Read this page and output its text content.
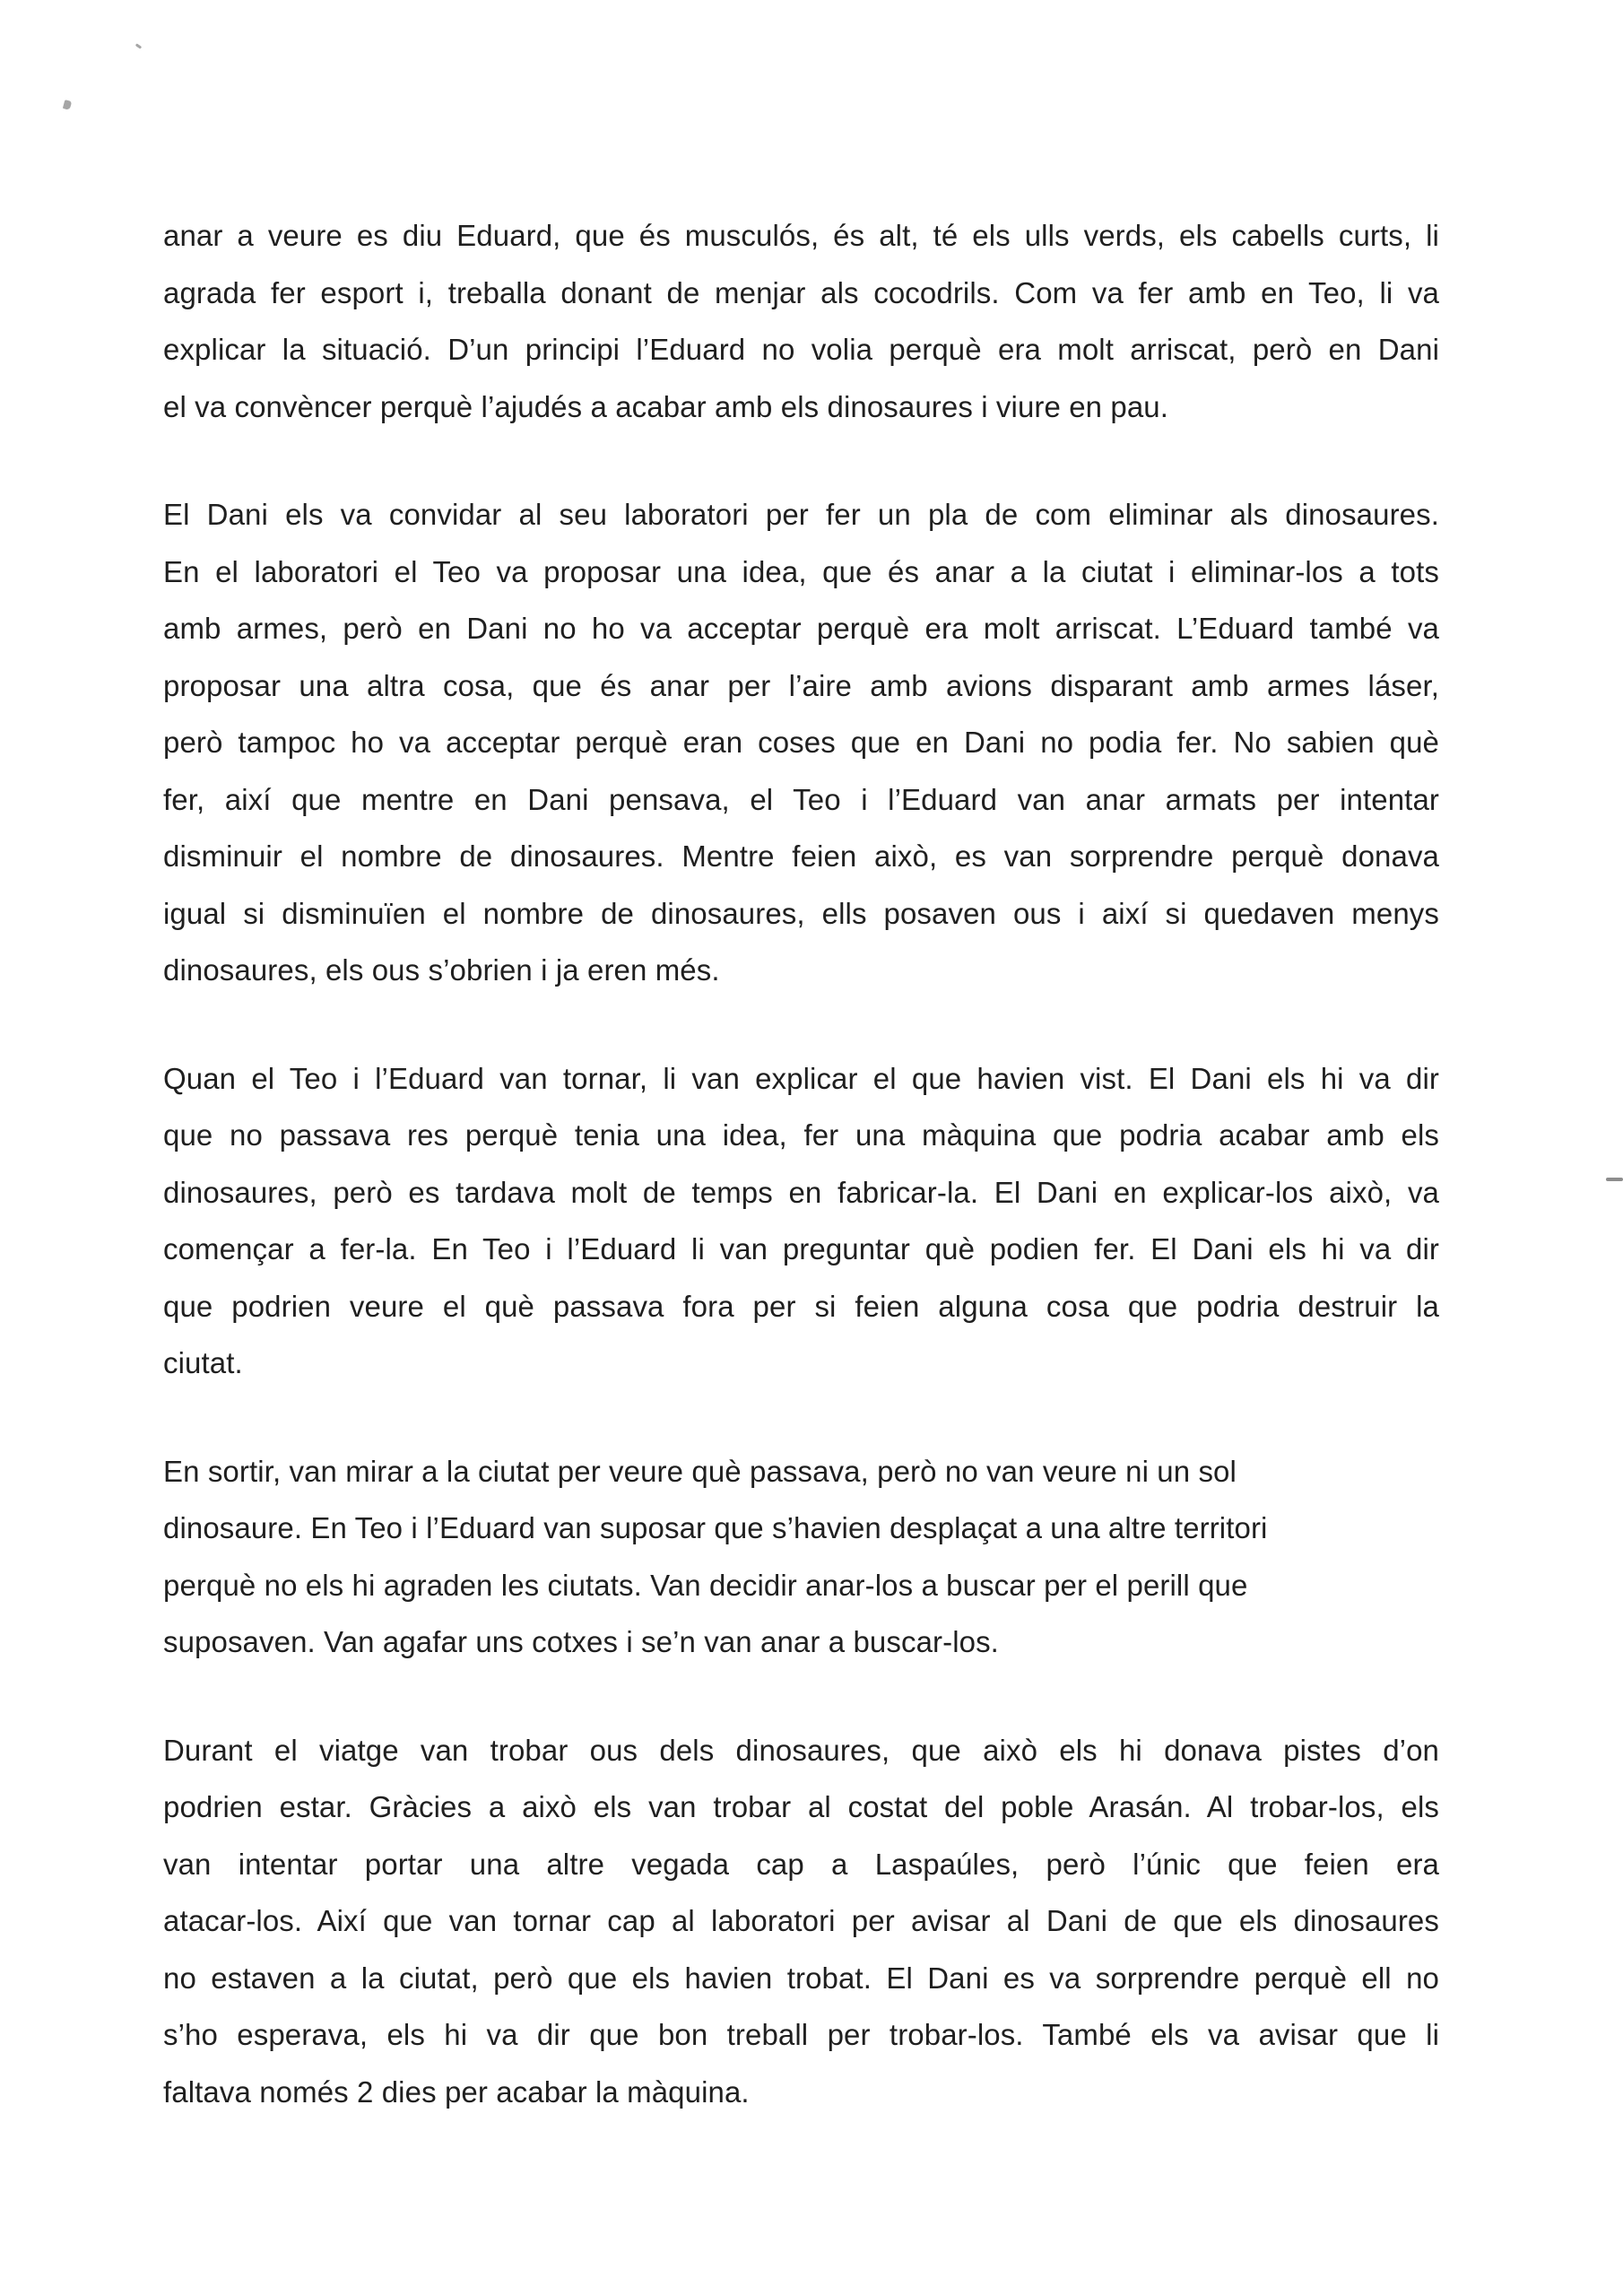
anar a veure es diu Eduard, que és musculós, és alt, té els ulls verds, els cabells curts, li
agrada fer esport i, treballa donant de menjar als cocodrils. Com va fer amb en Teo, li va
explicar la situació. D’un principi l’Eduard no volia perquè era molt arriscat, però en Dani
el va convèncer perquè l’ajudés a acabar amb els dinosaures i viure en pau.
El Dani els va convidar al seu laboratori per fer un pla de com eliminar als dinosaures.
En el laboratori el Teo va proposar una idea, que és anar a la ciutat i eliminar-los a tots
amb armes, però en Dani no ho va acceptar perquè era molt arriscat. L’Eduard també va
proposar una altra cosa, que és anar per l’aire amb avions disparant amb armes láser,
però tampoc ho va acceptar perquè eran coses que en Dani no podia fer. No sabien què
fer, així que mentre en Dani pensava, el Teo i l’Eduard van anar armats per intentar
disminuir el nombre de dinosaures. Mentre feien això, es van sorprendre perquè donava
igual si disminuïen el nombre de dinosaures, ells posaven ous i així si quedaven menys
dinosaures, els ous s’obrien i ja eren més.
Quan el Teo i l’Eduard van tornar, li van explicar el que havien vist. El Dani els hi va dir
que no passava res perquè tenia una idea, fer una màquina que podria acabar amb els
dinosaures, però es tardava molt de temps en fabricar-la. El Dani en explicar-los això, va
començar a fer-la. En Teo i l’Eduard li van preguntar què podien fer. El Dani els hi va dir
que podrien veure el què passava fora per si feien alguna cosa que podria destruir la
ciutat.
En sortir, van mirar a la ciutat per veure què passava, però no van veure ni un sol
dinosaure. En Teo i l’Eduard van suposar que s’havien desplaçat a una altre territori
perquè no els hi agraden les ciutats. Van decidir anar-los a buscar per el perill que
suposaven. Van agafar uns cotxes i se’n van anar a buscar-los.
Durant el viatge van trobar ous dels dinosaures, que això els hi donava pistes d’on
podrien estar. Gràcies a això els van trobar al costat del poble Arasán. Al trobar-los, els
van intentar portar una altre vegada cap a Laspaúles, però l’únic que feien era
atacar-los. Així que van tornar cap al laboratori per avisar al Dani de que els dinosaures
no estaven a la ciutat, però que els havien trobat. El Dani es va sorprendre perquè ell no
s’ho esperava, els hi va dir que bon treball per trobar-los. També els va avisar que li
faltava només 2 dies per acabar la màquina.
